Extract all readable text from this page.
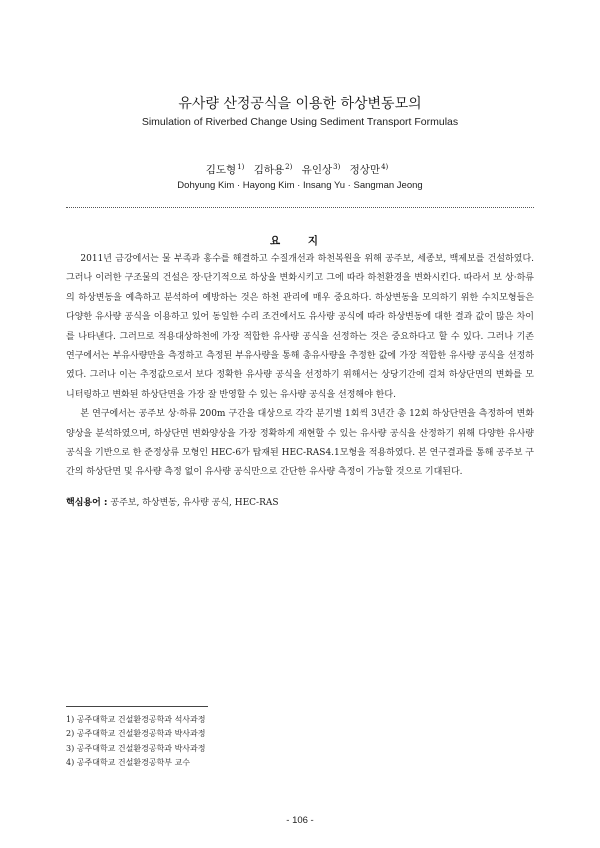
유사량 산정공식을 이용한 하상변동모의
Simulation of Riverbed Change Using Sediment Transport Formulas
김도형$^{1)}$ 김하용$^{2)}$ 유인상$^{3)}$ 정상만$^{4)}$
Dohyung Kim · Hayong Kim · Insang Yu · Sangman Jeong
요 지

2011년 금강에서는 물 부족과 홍수를 해결하고 수질개선과 하천복원을 위해 공주보, 세종보, 백제보를 건설하였다. 그러나 이러한 구조물의 건설은 장·단기적으로 하상을 변화시키고 그에 따라 하천환경을 변화시킨다. 따라서 보 상·하류의 하상변동을 예측하고 분석하여 예방하는 것은 하천 관리에 매우 중요하다. 하상변동을 모의하기 위한 수치모형들은 다양한 유사량 공식을 이용하고 있어 동일한 수리 조건에서도 유사량 공식에 따라 하상변동에 대한 결과 값이 많은 차이를 나타낸다. 그러므로 적용대상하천에 가장 적합한 유사량 공식을 선정하는 것은 중요하다고 할 수 있다. 그러나 기존 연구에서는 부유사량만을 측정하고 측정된 부유사량을 통해 총유사량을 추정한 값에 가장 적합한 유사량 공식을 선정하였다. 그러나 이는 추정값으로서 보다 정확한 유사량 공식을 선정하기 위해서는 상당기간에 걸쳐 하상단면의 변화를 모니터링하고 변화된 하상단면을 가장 잘 반영할 수 있는 유사량 공식을 선정해야 한다.

본 연구에서는 공주보 상·하류 200m 구간을 대상으로 각각 분기별 1회씩 3년간 총 12회 하상단면을 측정하여 변화양상을 분석하였으며, 하상단면 변화양상을 가장 정확하게 재현할 수 있는 유사량 공식을 산정하기 위해 다양한 유사량 공식을 기반으로 한 준정상류 모형인 HEC-6가 탑재된 HEC-RAS4.1모형을 적용하였다. 본 연구결과를 통해 공주보 구간의 하상단면 및 유사량 측정 없이 유사량 공식만으로 간단한 유사량 측정이 가능할 것으로 기대된다.

핵심용어 : 공주보, 하상변동, 유사량 공식, HEC-RAS
1) 공주대학교 건설환경공학과 석사과정
2) 공주대학교 건설환경공학과 박사과정
3) 공주대학교 건설환경공학과 박사과정
4) 공주대학교 건설환경공학부 교수
- 106 -
